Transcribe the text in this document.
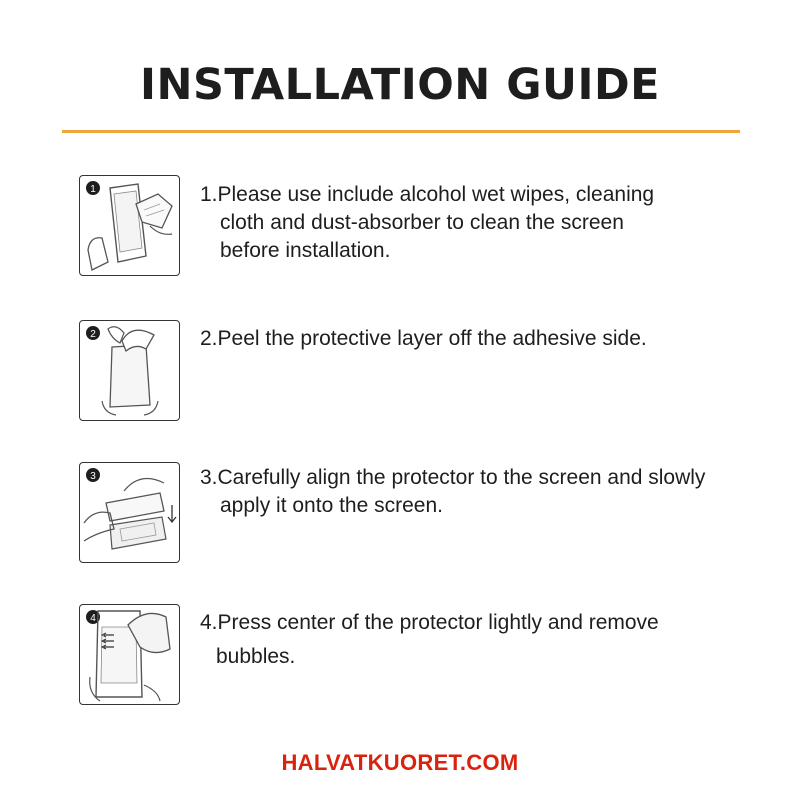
INSTALLATION GUIDE
1	1.Please use include alcohol wet wipes, cleaning
cloth and dust-absorber to clean the screen
before installation.
2	2.Peel the protective layer off the adhesive side.
3	3.Carefully align the protector to the screen and slowly
apply it onto the screen.
4	4.Press center of the protector lightly and remove
bubbles.
HALVATKUORET.COM
